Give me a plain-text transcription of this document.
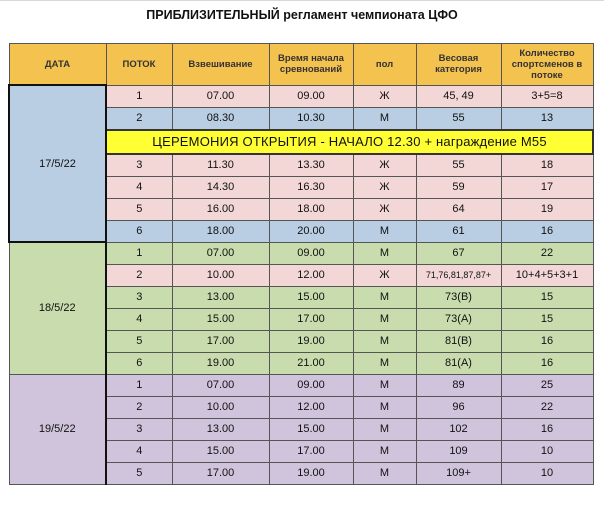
ПРИБЛИЗИТЕЛЬНЫЙ регламент чемпионата ЦФО
ДАТА	ПОТОК	Взвешивание	Время начала сревнований	пол	Весовая категория	Количество спортсменов в потоке
17/5/22	1	07.00	09.00	Ж	45, 49	3+5=8
	2	08.30	10.30	М	55	13
	ЦЕРЕМОНИЯ ОТКРЫТИЯ - НАЧАЛО 12.30 + награждение М55					
	3	11.30	13.30	Ж	55	18
	4	14.30	16.30	Ж	59	17
	5	16.00	18.00	Ж	64	19
	6	18.00	20.00	М	61	16
18/5/22	1	07.00	09.00	М	67	22
	2	10.00	12.00	Ж	71,76,81,87,87+	10+4+5+3+1
	3	13.00	15.00	М	73(B)	15
	4	15.00	17.00	М	73(A)	15
	5	17.00	19.00	М	81(B)	16
	6	19.00	21.00	М	81(A)	16
19/5/22	1	07.00	09.00	М	89	25
	2	10.00	12.00	М	96	22
	3	13.00	15.00	М	102	16
	4	15.00	17.00	М	109	10
	5	17.00	19.00	М	109+	10
